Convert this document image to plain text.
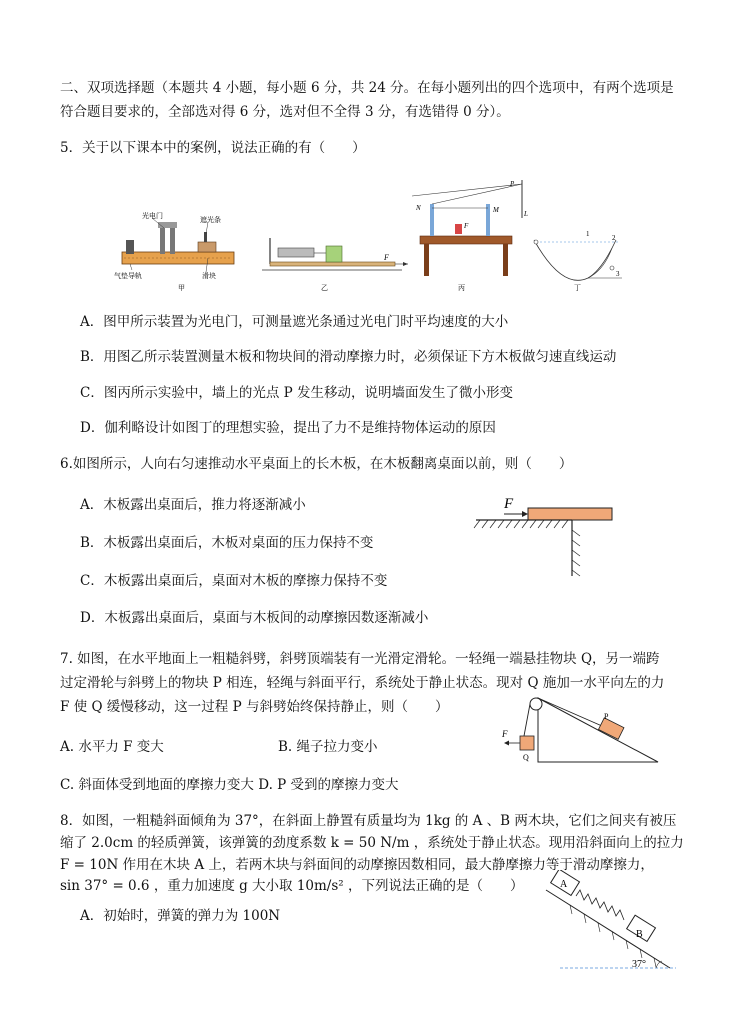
二、双项选择题（本题共 4 小题，每小题 6 分，共 24 分。在每小题列出的四个选项中，有两个选项是
符合题目要求的，全部选对得 6 分，选对但不全得 3 分，有选错得 0 分）。
5．关于以下课本中的案例，说法正确的有（　　）
光电门	遮光条
气垫导轨	滑块
甲
F
乙
N	M
F
P
L
丙
1	2
3
丁
A．图甲所示装置为光电门，可测量遮光条通过光电门时平均速度的大小
B．用图乙所示装置测量木板和物块间的滑动摩擦力时，必须保证下方木板做匀速直线运动
C．图丙所示实验中，墙上的光点 P 发生移动，说明墙面发生了微小形变
D．伽利略设计如图丁的理想实验，提出了力不是维持物体运动的原因
6.如图所示，人向右匀速推动水平桌面上的长木板，在木板翻离桌面以前，则（　　）
A．木板露出桌面后，推力将逐渐减小
B．木板露出桌面后，木板对桌面的压力保持不变
C．木板露出桌面后，桌面对木板的摩擦力保持不变
D．木板露出桌面后，桌面与木板间的动摩擦因数逐渐减小
F
7. 如图，在水平地面上一粗糙斜劈，斜劈顶端装有一光滑定滑轮。一轻绳一端悬挂物块 Q，另一端跨
过定滑轮与斜劈上的物块 P 相连，轻绳与斜面平行，系统处于静止状态。现对 Q 施加一水平向左的力
F 使 Q 缓慢移动，这一过程 P 与斜劈始终保持静止，则（　　）
A. 水平力 F 变大	B. 绳子拉力变小
C. 斜面体受到地面的摩擦力变大 D. P 受到的摩擦力变大
F
P
Q
8．如图，一粗糙斜面倾角为 37°，在斜面上静置有质量均为 1kg 的 A 、B 两木块，它们之间夹有被压
缩了 2.0cm 的轻质弹簧，该弹簧的劲度系数 k = 50 N/m ，系统处于静止状态。现用沿斜面向上的拉力
F = 10N 作用在木块 A 上，若两木块与斜面间的动摩擦因数相同，最大静摩擦力等于滑动摩擦力，
sin 37° = 0.6 ，重力加速度 g 大小取 10m/s² ，下列说法正确的是（　　）
A．初始时，弹簧的弹力为 100N
A
B
37°
